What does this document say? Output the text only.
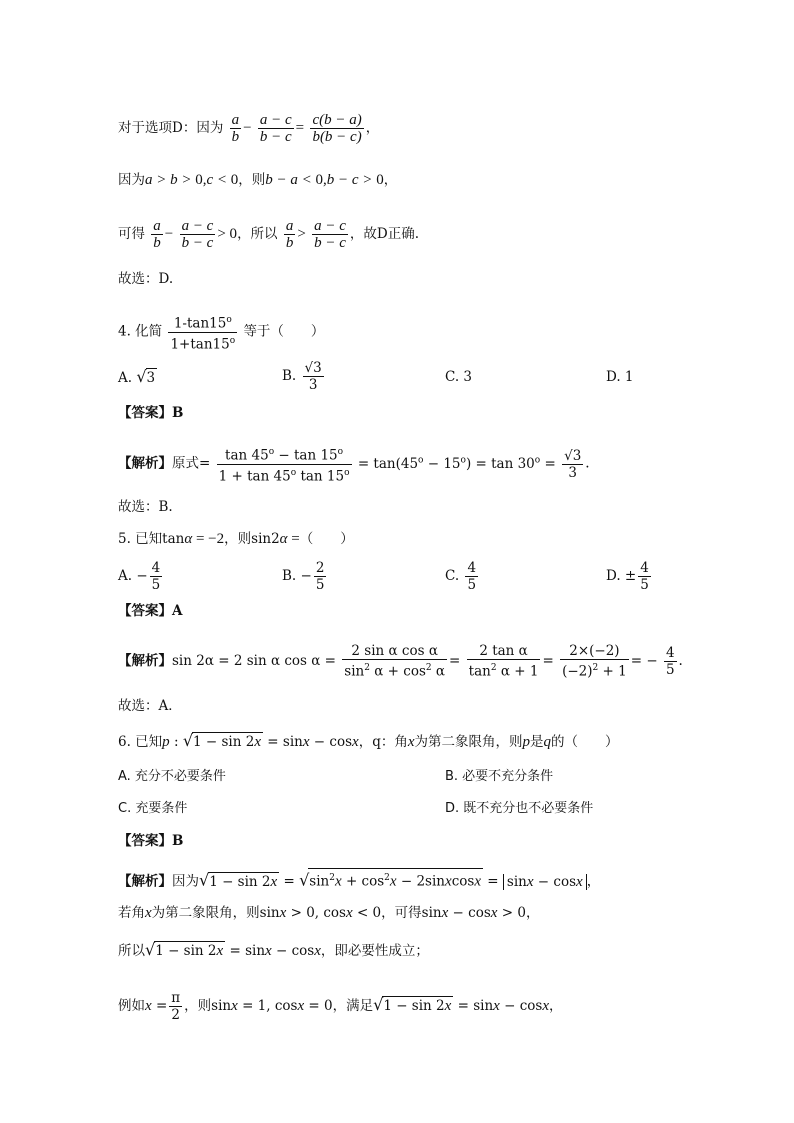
对于选项D：因为 $\frac{a}{b} - \frac{a - c}{b - c} = \frac{c(b - a)}{b(b - c)}$ ，
因为a > b > 0,c < 0，则b − a < 0,b − c > 0，
可得 $\frac{a}{b} - \frac{a - c}{b - c} > 0$，所以 $\frac{a}{b} > \frac{a - c}{b - c}$ ，故D正确.
故选：D.
4. 化简 $\frac{1-\tan 15^o}{1+\tan 15^o}$ 等于（　　）
A. √3	B. $\frac{√3}{3}$	C. 3	D. 1
【答案】B
【解析】原式= $\frac{\tan 45^o - \tan 15^o}{1 + \tan 45^o \tan 15^o} = \tan(45^o - 15^o) = \tan 30^o = \frac{√3}{3}$ .
故选：B.
5. 已知tanα = −2，则sin2α =（　　）
A. − $\frac{4}{5}$	B. − $\frac{2}{5}$	C. $\frac{4}{5}$	D. ± $\frac{4}{5}$
【答案】A
【解析】sin 2α = 2 sin α $\cos \alpha = \frac{\text{2 sin α cos α}}{\sin^2 \alpha + \cos^2 \alpha} = \frac{\text{2 tan α}}{\tan^2 \alpha + 1} = \frac{2\times(-2)}{(-2)^2 + 1}$ = − $\frac{4}{5}$ .
故选：A．
6. 已知p : √1 − sin 2x = sinx − cosx，q：角x为第二象限角，则p是q的（　　）
A. 充分不必要条件	B. 必要不充分条件
C. 充要条件	D. 既不充分也不必要条件
【答案】B
【解析】因为$√1 - \sin 2x = √\sin^2x + \cos^2x$ − 2sinxcosx = sinx − cosx ，
若角x为第二象限角，则sinx > 0, cosx < 0，可得sinx − cosx > 0，
所以√1 − sin 2x = sinx − cosx，即必要性成立；
例如$x = \frac{\pi}{2}$ ，则sinx = 1, cosx = 0，满足√1 − sin 2x = sinx − cosx，
